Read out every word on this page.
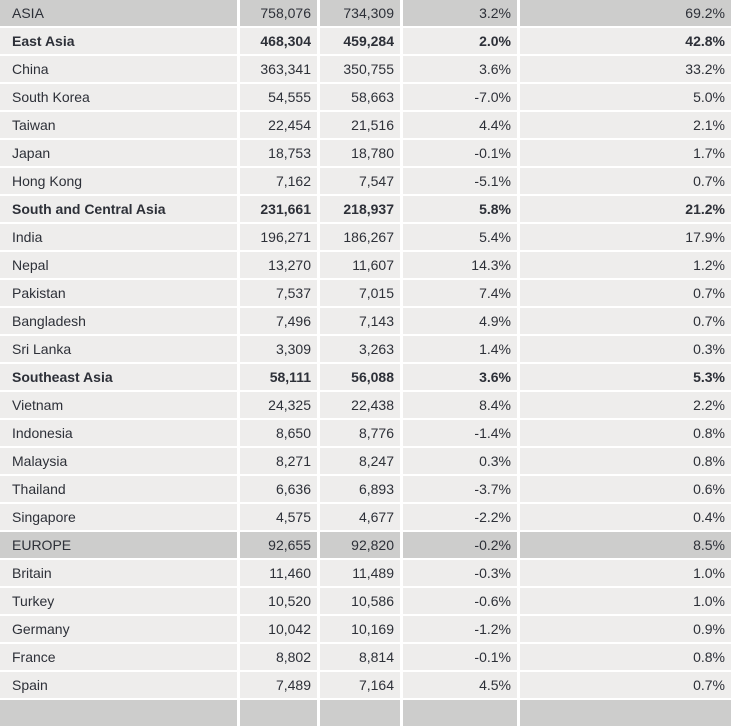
ASIA	758,076	734,309	3.2%	69.2%
East Asia	468,304	459,284	2.0%	42.8%
China	363,341	350,755	3.6%	33.2%
South Korea	54,555	58,663	-7.0%	5.0%
Taiwan	22,454	21,516	4.4%	2.1%
Japan	18,753	18,780	-0.1%	1.7%
Hong Kong	7,162	7,547	-5.1%	0.7%
South and Central Asia	231,661	218,937	5.8%	21.2%
India	196,271	186,267	5.4%	17.9%
Nepal	13,270	11,607	14.3%	1.2%
Pakistan	7,537	7,015	7.4%	0.7%
Bangladesh	7,496	7,143	4.9%	0.7%
Sri Lanka	3,309	3,263	1.4%	0.3%
Southeast Asia	58,111	56,088	3.6%	5.3%
Vietnam	24,325	22,438	8.4%	2.2%
Indonesia	8,650	8,776	-1.4%	0.8%
Malaysia	8,271	8,247	0.3%	0.8%
Thailand	6,636	6,893	-3.7%	0.6%
Singapore	4,575	4,677	-2.2%	0.4%
EUROPE	92,655	92,820	-0.2%	8.5%
Britain	11,460	11,489	-0.3%	1.0%
Turkey	10,520	10,586	-0.6%	1.0%
Germany	10,042	10,169	-1.2%	0.9%
France	8,802	8,814	-0.1%	0.8%
Spain	7,489	7,164	4.5%	0.7%
